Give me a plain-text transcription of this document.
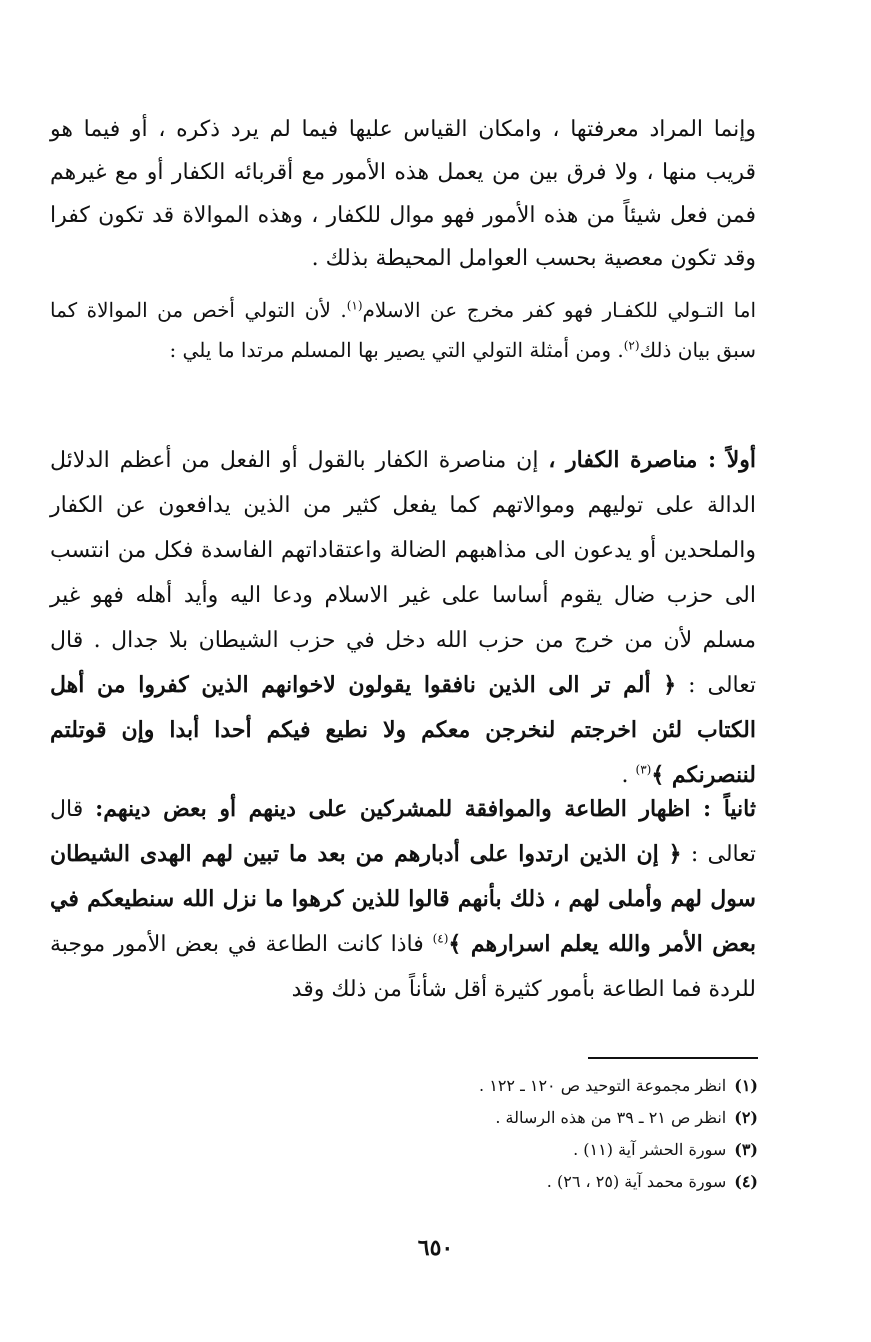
وإنما المراد معرفتها ، وامكان القياس عليها فيما لم يرد ذكره ، أو فيما هو قريب منها ، ولا فرق بين من يعمل هذه الأمور مع أقربائه الكفار أو مع غيرهم فمن فعل شيئاً من هذه الأمور فهو موال للكفار ، وهذه الموالاة قد تكون كفرا وقد تكون معصية بحسب العوامل المحيطة بذلك .
اما التـولي للكفـار فهو كفر مخرج عن الاسلام$^{(١)}$. لأن التولي أخص من الموالاة كما سبق بيان ذلك$^{(٢)}$. ومن أمثلة التولي التي يصير بها المسلم مرتدا ما يلي :
أولاً : مناصرة الكفار ، إن مناصرة الكفار بالقول أو الفعل من أعظم الدلائل الدالة على توليهم وموالاتهم كما يفعل كثير من الذين يدافعون عن الكفار والملحدين أو يدعون الى مذاهبهم الضالة واعتقاداتهم الفاسدة فكل من انتسب الى حزب ضال يقوم أساسا على غير الاسلام ودعا اليه وأيد أهله فهو غير مسلم لأن من خرج من حزب الله دخل في حزب الشيطان بلا جدال . قال تعالى : ﴿ ألم تر الى الذين نافقوا يقولون لاخوانهم الذين كفروا من أهل الكتاب لئن اخرجتم لنخرجن معكم ولا نطيع فيكم أحدا أبدا وإن قوتلتم لننصرنكم ﴾$^{(٣)}$ .
ثانياً : اظهار الطاعة والموافقة للمشركين على دينهم أو بعض دينهم: قال تعالى : ﴿ إن الذين ارتدوا على أدبارهم من بعد ما تبين لهم الهدى الشيطان سول لهم وأملى لهم ، ذلك بأنهم قالوا للذين كرهوا ما نزل الله سنطيعكم في بعض الأمر والله يعلم اسرارهم ﴾$^{(٤)}$ فاذا كانت الطاعة في بعض الأمور موجبة للردة فما الطاعة بأمور كثيرة أقل شأناً من ذلك وقد
(١)انظر مجموعة التوحيد ص ١٢٠ ـ ١٢٢ .
(٢)انظر ص ٢١ ـ ٣٩ من هذه الرسالة .
(٣)سورة الحشر آية (١١) .
(٤)سورة محمد آية (٢٥ ، ٢٦) .
٦٥٠
